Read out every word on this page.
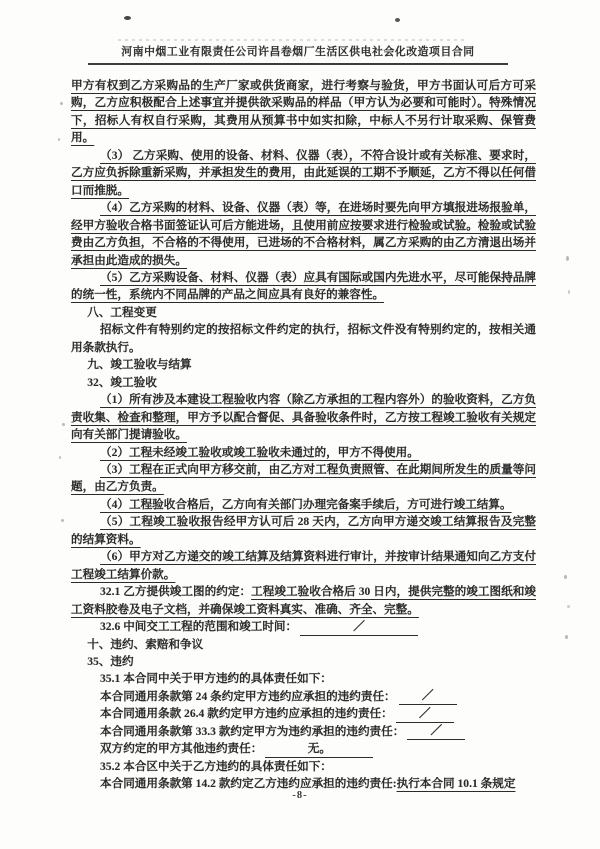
河南中烟工业有限责任公司许昌卷烟厂生活区供电社会化改造项目合同

甲方有权到乙方采购品的生产厂家或供货商家，进行考察与验货，甲方书面认可后方可采购，乙方应积极配合上述事宜并提供欲采购品的样品（甲方认为必要和可能时）。特殊情况下，招标人有权自行采购，其费用从预算书中如实扣除，中标人不另行计取采购、保管费用。

（3） 乙方采购、使用的设备、材料、仪器（表），不符合设计或有关标准、要求时，乙方应负拆除重新采购，并承担发生的费用，由此延误的工期不予顺延，乙方不得以任何借口而推脱。

（4）乙方采购的材料、设备、仪器（表）等，在进场时要先向甲方填报进场报验单，经甲方验收合格书面签证认可后方能进场，且使用前应按要求进行检验或试验。检验或试验费由乙方负担，不合格的不得使用，已进场的不合格材料，属乙方采购的由乙方清退出场并承担由此造成的损失。

（5）乙方采购设备、材料、仪器（表）应具有国际或国内先进水平，尽可能保持品牌的统一性，系统内不同品牌的产品之间应具有良好的兼容性。

八、工程变更

招标文件有特别约定的按招标文件约定的执行，招标文件没有特别约定的，按相关通用条款执行。

九、竣工验收与结算

32、竣工验收

（1）所有涉及本建设工程验收内容（除乙方承担的工程内容外）的验收资料，乙方负责收集、检查和整理，甲方予以配合督促、具备验收条件时，乙方按工程竣工验收有关规定向有关部门提请验收。

（2）工程未经竣工验收或竣工验收未通过的，甲方不得使用。

（3）工程在正式向甲方移交前，由乙方对工程负责照管、在此期间所发生的质量等问题，由乙方负责。

（4）工程验收合格后，乙方向有关部门办理完备案手续后，方可进行竣工结算。

（5）工程竣工验收报告经甲方认可后 28 天内，乙方向甲方递交竣工结算报告及完整的结算资料。

（6）甲方对乙方递交的竣工结算及结算资料进行审计，并按审计结果通知向乙方支付工程竣工结算价款。

32.1 乙方提供竣工图的约定：工程竣工验收合格后 30 日内，提供完整的竣工图纸和竣工资料胶卷及电子文档，并确保竣工资料真实、准确、齐全、完整。

32.6 中间交工工程的范围和竣工时间：	／

十、违约、索赔和争议

35、违约

35.1 本合同中关于甲方违约的具体责任如下：

本合同通用条款第 24 条约定甲方违约应承担的违约责任： ／

本合同通用条款 26.4 款约定甲方违约应承担的违约责任： ／

本合同通用条款第 33.3 款约定甲方为违约承担的违约责任： ／

双方约定的甲方其他违约责任：	无。

35.2 本合区中关于乙方违约的具体责任如下：

本合同通用条款第 14.2 款约定乙方违约应承担的违约责任:执行本合同 10.1 条规定

-8-
